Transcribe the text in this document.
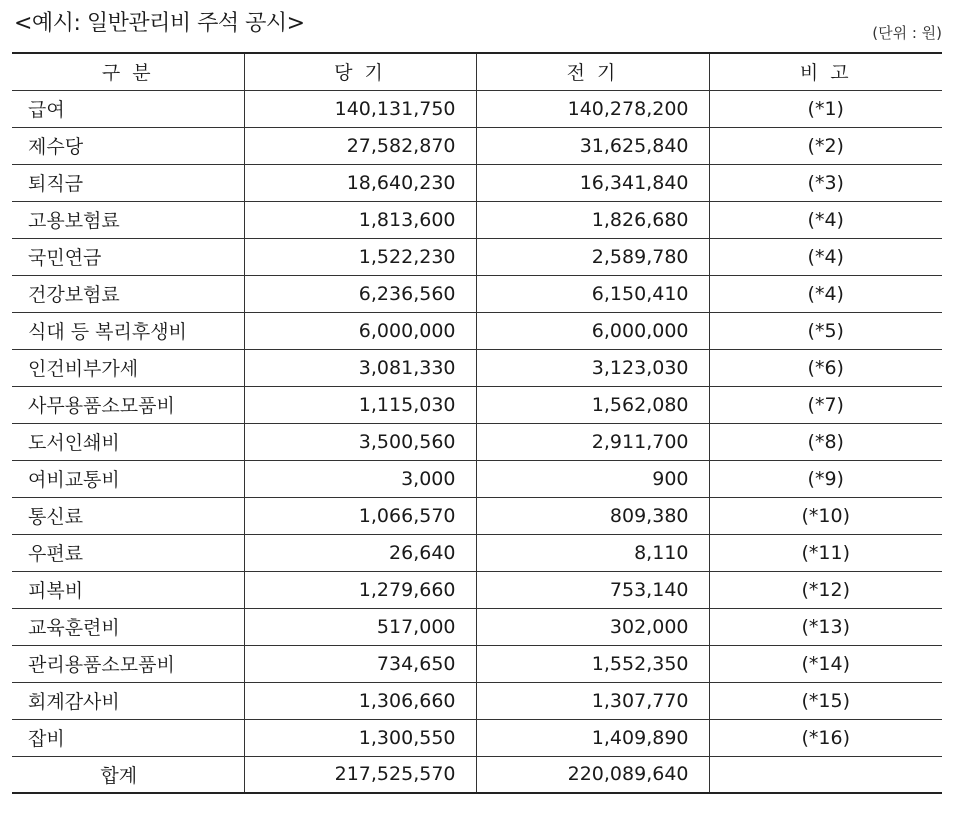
<예시: 일반관리비 주석 공시>	(단위 : 원)
구 분	당 기	전 기	비 고
급여	140,131,750	140,278,200	(*1)
제수당	27,582,870	31,625,840	(*2)
퇴직금	18,640,230	16,341,840	(*3)
고용보험료	1,813,600	1,826,680	(*4)
국민연금	1,522,230	2,589,780	(*4)
건강보험료	6,236,560	6,150,410	(*4)
식대 등 복리후생비	6,000,000	6,000,000	(*5)
인건비부가세	3,081,330	3,123,030	(*6)
사무용품소모품비	1,115,030	1,562,080	(*7)
도서인쇄비	3,500,560	2,911,700	(*8)
여비교통비	3,000	900	(*9)
통신료	1,066,570	809,380	(*10)
우편료	26,640	8,110	(*11)
피복비	1,279,660	753,140	(*12)
교육훈련비	517,000	302,000	(*13)
관리용품소모품비	734,650	1,552,350	(*14)
회계감사비	1,306,660	1,307,770	(*15)
잡비	1,300,550	1,409,890	(*16)
합계	217,525,570	220,089,640	
